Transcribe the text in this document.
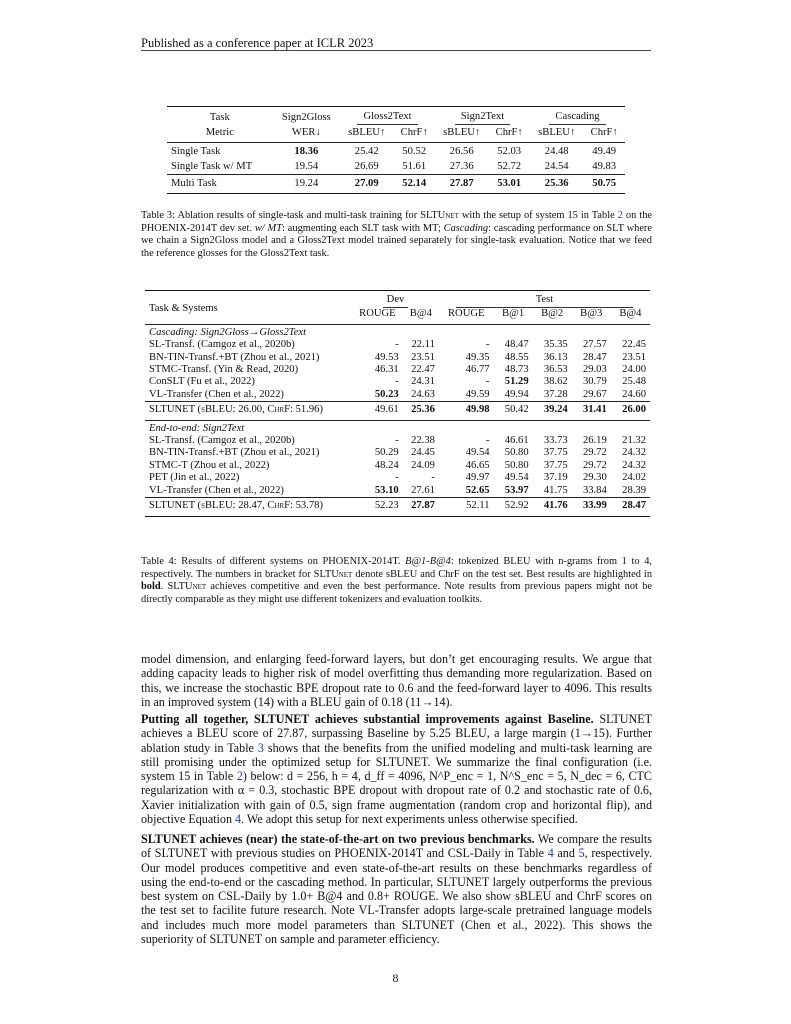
Published as a conference paper at ICLR 2023
Task	Sign2Gloss	Gloss2Text		Sign2Text		Cascading	
Metric	WER↓	sBLEU↑	ChrF↑	sBLEU↑	ChrF↑	sBLEU↑	ChrF↑
Single Task	18.36	25.42	50.52	26.56	52.03	24.48	49.49
Single Task w/ MT	19.54	26.69	51.61	27.36	52.72	24.54	49.83
Multi Task	19.24	27.09	52.14	27.87	53.01	25.36	50.75
Table 3: Ablation results of single-task and multi-task training for SLTUnet with the setup of system 15 in Table 2 on the PHOENIX-2014T dev set. w/ MT: augmenting each SLT task with MT; Cascading: cascading performance on SLT where we chain a Sign2Gloss model and a Gloss2Text model trained separately for single-task evaluation. Notice that we feed the reference glosses for the Gloss2Text task.
Task & Systems	Dev		Test				
	ROUGE	B@4	ROUGE	B@1	B@2	B@3	B@4
Cascading: Sign2Gloss→Gloss2Text							
SL-Transf. (Camgoz et al., 2020b)	-	22.11	-	48.47	35.35	27.57	22.45
BN-TIN-Transf.+BT (Zhou et al., 2021)	49.53	23.51	49.35	48.55	36.13	28.47	23.51
STMC-Transf. (Yin & Read, 2020)	46.31	22.47	46.77	48.73	36.53	29.03	24.00
ConSLT (Fu et al., 2022)	-	24.31	-	51.29	38.62	30.79	25.48
VL-Transfer (Chen et al., 2022)	50.23	24.63	49.59	49.94	37.28	29.67	24.60
SLTUNET (sBLEU: 26.00, ChrF: 51.96)	49.61	25.36	49.98	50.42	39.24	31.41	26.00
End-to-end: Sign2Text							
SL-Transf. (Camgoz et al., 2020b)	-	22.38	-	46.61	33.73	26.19	21.32
BN-TIN-Transf.+BT (Zhou et al., 2021)	50.29	24.45	49.54	50.80	37.75	29.72	24.32
STMC-T (Zhou et al., 2022)	48.24	24.09	46.65	50.80	37.75	29.72	24.32
PET (Jin et al., 2022)	-	-	49.97	49.54	37.19	29.30	24.02
VL-Transfer (Chen et al., 2022)	53.10	27.61	52.65	53.97	41.75	33.84	28.39
SLTUNET (sBLEU: 28.47, ChrF: 53.78)	52.23	27.87	52.11	52.92	41.76	33.99	28.47
Table 4: Results of different systems on PHOENIX-2014T. B@1-B@4: tokenized BLEU with n-grams from 1 to 4, respectively. The numbers in bracket for SLTUnet denote sBLEU and ChrF on the test set. Best results are highlighted in bold. SLTUnet achieves competitive and even the best performance. Note results from previous papers might not be directly comparable as they might use different tokenizers and evaluation toolkits.

model dimension, and enlarging feed-forward layers, but don’t get encouraging results. We argue that adding capacity leads to higher risk of model overfitting thus demanding more regularization. Based on this, we increase the stochastic BPE dropout rate to 0.6 and the feed-forward layer to 4096. This results in an improved system (14) with a BLEU gain of 0.18 (11→14).

Putting all together, SLTUNET achieves substantial improvements against Baseline. SLTUNET achieves a BLEU score of 27.87, surpassing Baseline by 5.25 BLEU, a large margin (1→15). Further ablation study in Table 3 shows that the benefits from the unified modeling and multi-task learning are still promising under the optimized setup for SLTUNET. We summarize the final configuration (i.e. system 15 in Table 2) below: d = 256, h = 4, d_ff = 4096, N^P_enc = 1, N^S_enc = 5, N_dec = 6, CTC regularization with α = 0.3, stochastic BPE dropout with dropout rate of 0.2 and stochastic rate of 0.6, Xavier initialization with gain of 0.5, sign frame augmentation (random crop and horizontal flip), and objective Equation 4. We adopt this setup for next experiments unless otherwise specified.

SLTUNET achieves (near) the state-of-the-art on two previous benchmarks. We compare the results of SLTUNET with previous studies on PHOENIX-2014T and CSL-Daily in Table 4 and 5, respectively. Our model produces competitive and even state-of-the-art results on these benchmarks regardless of using the end-to-end or the cascading method. In particular, SLTUNET largely outperforms the previous best system on CSL-Daily by 1.0+ B@4 and 0.8+ ROUGE. We also show sBLEU and ChrF scores on the test set to facilite future research. Note VL-Transfer adopts large-scale pretrained language models and includes much more model parameters than SLTUNET (Chen et al., 2022). This shows the superiority of SLTUNET on sample and parameter efficiency.

8
